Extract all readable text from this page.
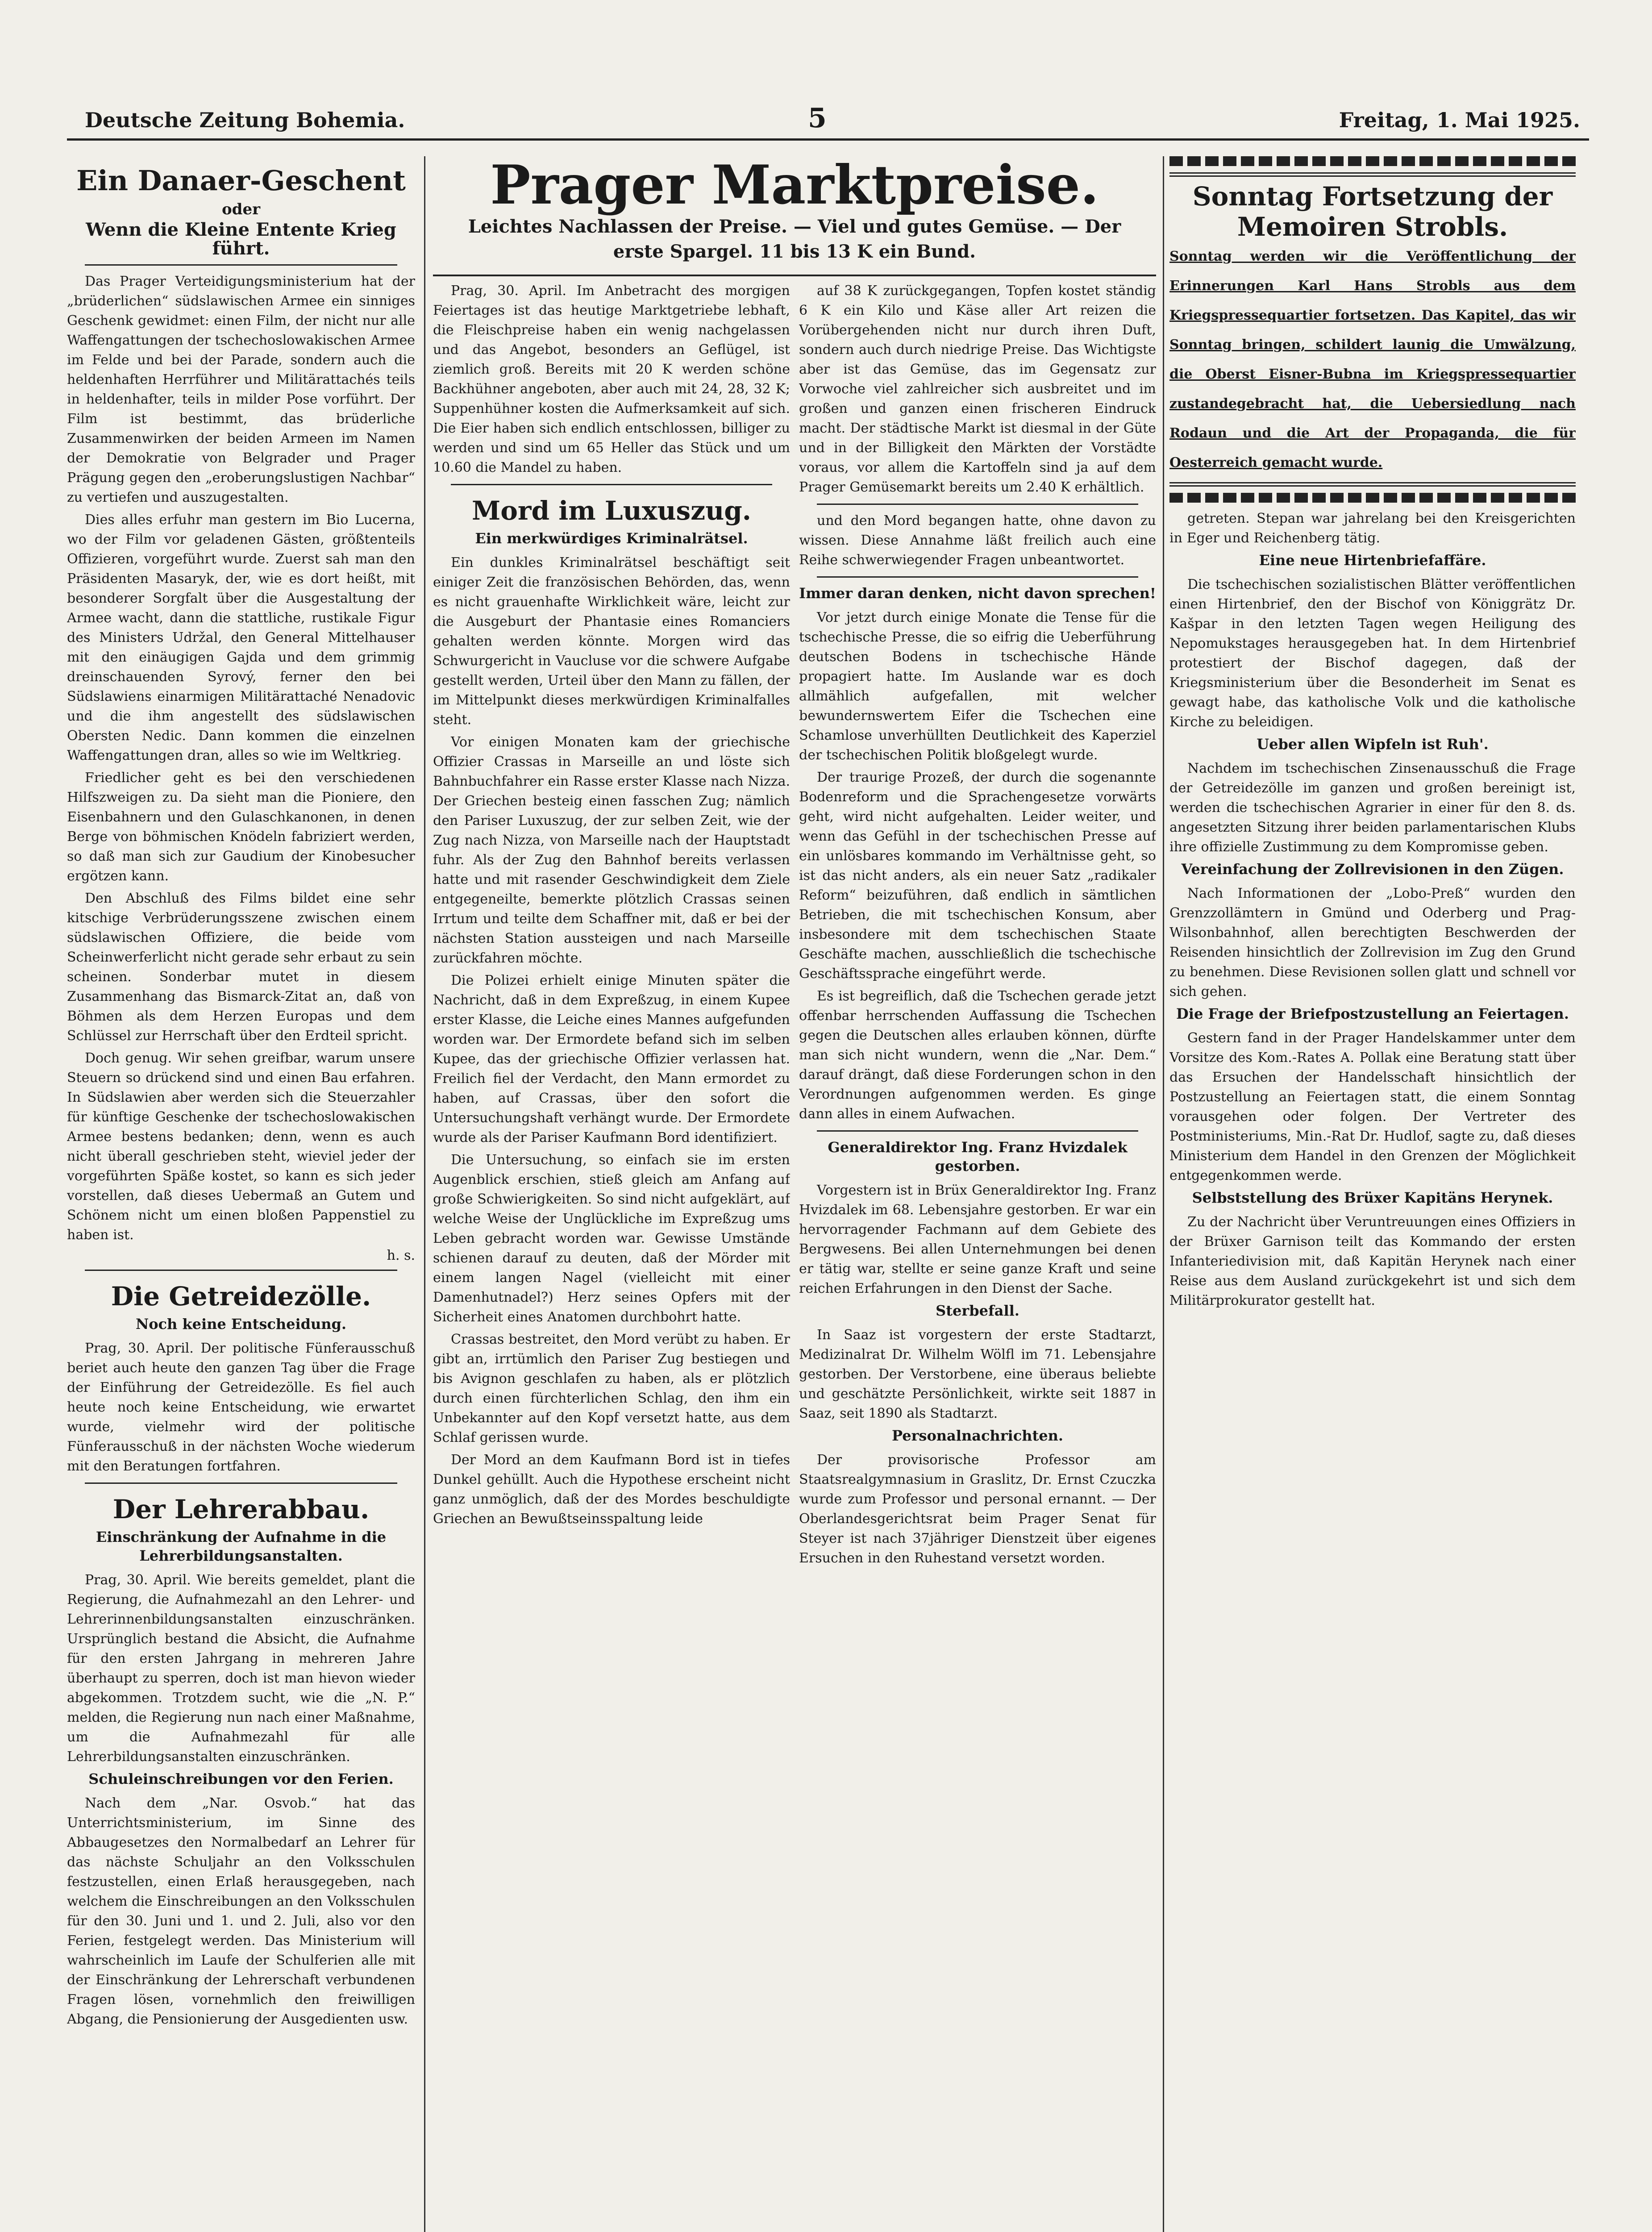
Deutsche Zeitung Bohemia.	5	Freitag, 1. Mai 1925.
Ein Danaer-Geschent
oder
Wenn die Kleine Entente Krieg führt.

Das Prager Verteidigungsministerium hat der „brüderlichen“ südslawischen Armee ein sinniges Geschenk gewidmet: einen Film, der nicht nur alle Waffengattungen der tschechoslowakischen Armee im Felde und bei der Parade, sondern auch die heldenhaften Herrführer und Militärattachés teils in heldenhafter, teils in milder Pose vorführt. Der Film ist bestimmt, das brüderliche Zusammenwirken der beiden Armeen im Namen der Demokratie von Belgrader und Prager Prägung gegen den „eroberungslustigen Nachbar“ zu vertiefen und auszugestalten.

Dies alles erfuhr man gestern im Bio Lucerna, wo der Film vor geladenen Gästen, größtenteils Offizieren, vorgeführt wurde. Zuerst sah man den Präsidenten Masaryk, der, wie es dort heißt, mit besonderer Sorgfalt über die Ausgestaltung der Armee wacht, dann die stattliche, rustikale Figur des Ministers Udržal, den General Mittelhauser mit den einäugigen Gajda und dem grimmig dreinschauenden Syrový, ferner den bei Südslawiens einarmigen Militärattaché Nenadovic und die ihm angestellt des südslawischen Obersten Nedic. Dann kommen die einzelnen Waffengattungen dran, alles so wie im Weltkrieg.

Friedlicher geht es bei den verschiedenen Hilfszweigen zu. Da sieht man die Pioniere, den Eisenbahnern und den Gulaschkanonen, in denen Berge von böhmischen Knödeln fabriziert werden, so daß man sich zur Gaudium der Kinobesucher ergötzen kann.

Den Abschluß des Films bildet eine sehr kitschige Verbrüderungsszene zwischen einem südslawischen Offiziere, die beide vom Scheinwerferlicht nicht gerade sehr erbaut zu sein scheinen. Sonderbar mutet in diesem Zusammenhang das Bismarck-Zitat an, daß von Böhmen als dem Herzen Europas und dem Schlüssel zur Herrschaft über den Erdteil spricht.

Doch genug. Wir sehen greifbar, warum unsere Steuern so drückend sind und einen Bau erfahren. In Südslawien aber werden sich die Steuerzahler für künftige Geschenke der tschechoslowakischen Armee bestens bedanken; denn, wenn es auch nicht überall geschrieben steht, wieviel jeder der vorgeführten Späße kostet, so kann es sich jeder vorstellen, daß dieses Uebermaß an Gutem und Schönem nicht um einen bloßen Pappenstiel zu haben ist.

h. s.
Die Getreidezölle.
Noch keine Entscheidung.

Prag, 30. April. Der politische Fünferausschuß beriet auch heute den ganzen Tag über die Frage der Einführung der Getreidezölle. Es fiel auch heute noch keine Entscheidung, wie erwartet wurde, vielmehr wird der politische Fünferausschuß in der nächsten Woche wiederum mit den Beratungen fortfahren.

Der Lehrerabbau.
Einschränkung der Aufnahme in die Lehrerbildungsanstalten.

Prag, 30. April. Wie bereits gemeldet, plant die Regierung, die Aufnahmezahl an den Lehrer- und Lehrerinnenbildungsanstalten einzuschränken. Ursprünglich bestand die Absicht, die Aufnahme für den ersten Jahrgang in mehreren Jahre überhaupt zu sperren, doch ist man hievon wieder abgekommen. Trotzdem sucht, wie die „N. P.“ melden, die Regierung nun nach einer Maßnahme, um die Aufnahmezahl für alle Lehrerbildungsanstalten einzuschränken.

Schuleinschreibungen vor den Ferien.

Nach dem „Nar. Osvob.“ hat das Unterrichtsministerium, im Sinne des Abbaugesetzes den Normalbedarf an Lehrer für das nächste Schuljahr an den Volksschulen festzustellen, einen Erlaß herausgegeben, nach welchem die Einschreibungen an den Volksschulen für den 30. Juni und 1. und 2. Juli, also vor den Ferien, festgelegt werden. Das Ministerium will wahrscheinlich im Laufe der Schulferien alle mit der Einschränkung der Lehrerschaft verbundenen Fragen lösen, vornehmlich den freiwilligen Abgang, die Pensionierung der Ausgedienten usw.

Prager Marktpreise.
Leichtes Nachlassen der Preise. — Viel und gutes Gemüse. — Der erste Spargel. 11 bis 13 K ein Bund.

Prag, 30. April. Im Anbetracht des morgigen Feiertages ist das heutige Marktgetriebe lebhaft, die Fleischpreise haben ein wenig nachgelassen und das Angebot, besonders an Geflügel, ist ziemlich groß. Bereits mit 20 K werden schöne Backhühner angeboten, aber auch mit 24, 28, 32 K; Suppenhühner kosten die Aufmerksamkeit auf sich. Die Eier haben sich endlich entschlossen, billiger zu werden und sind um 65 Heller das Stück und um 10.60 die Mandel zu haben.

Mord im Luxuszug.
Ein merkwürdiges Kriminalrätsel.

Ein dunkles Kriminalrätsel beschäftigt seit einiger Zeit die französischen Behörden, das, wenn es nicht grauenhafte Wirklichkeit wäre, leicht zur die Ausgeburt der Phantasie eines Romanciers gehalten werden könnte. Morgen wird das Schwurgericht in Vaucluse vor die schwere Aufgabe gestellt werden, Urteil über den Mann zu fällen, der im Mittelpunkt dieses merkwürdigen Kriminalfalles steht.

Vor einigen Monaten kam der griechische Offizier Crassas in Marseille an und löste sich Bahnbuchfahrer ein Rasse erster Klasse nach Nizza. Der Griechen besteig einen fasschen Zug; nämlich den Pariser Luxuszug, der zur selben Zeit, wie der Zug nach Nizza, von Marseille nach der Hauptstadt fuhr. Als der Zug den Bahnhof bereits verlassen hatte und mit rasender Geschwindigkeit dem Ziele entgegeneilte, bemerkte plötzlich Crassas seinen Irrtum und teilte dem Schaffner mit, daß er bei der nächsten Station aussteigen und nach Marseille zurückfahren möchte.

Die Polizei erhielt einige Minuten später die Nachricht, daß in dem Expreßzug, in einem Kupee erster Klasse, die Leiche eines Mannes aufgefunden worden war. Der Ermordete befand sich im selben Kupee, das der griechische Offizier verlassen hat. Freilich fiel der Verdacht, den Mann ermordet zu haben, auf Crassas, über den sofort die Untersuchungshaft verhängt wurde. Der Ermordete wurde als der Pariser Kaufmann Bord identifiziert.

Die Untersuchung, so einfach sie im ersten Augenblick erschien, stieß gleich am Anfang auf große Schwierigkeiten. So sind nicht aufgeklärt, auf welche Weise der Unglückliche im Expreßzug ums Leben gebracht worden war. Gewisse Umstände schienen darauf zu deuten, daß der Mörder mit einem langen Nagel (vielleicht mit einer Damenhutnadel?) Herz seines Opfers mit der Sicherheit eines Anatomen durchbohrt hatte.

Crassas bestreitet, den Mord verübt zu haben. Er gibt an, irrtümlich den Pariser Zug bestiegen und bis Avignon geschlafen zu haben, als er plötzlich durch einen fürchterlichen Schlag, den ihm ein Unbekannter auf den Kopf versetzt hatte, aus dem Schlaf gerissen wurde.

Der Mord an dem Kaufmann Bord ist in tiefes Dunkel gehüllt. Auch die Hypothese erscheint nicht ganz unmöglich, daß der des Mordes beschuldigte Griechen an Bewußtseinsspaltung leide

auf 38 K zurückgegangen, Topfen kostet ständig 6 K ein Kilo und Käse aller Art reizen die Vorübergehenden nicht nur durch ihren Duft, sondern auch durch niedrige Preise. Das Wichtigste aber ist das Gemüse, das im Gegensatz zur Vorwoche viel zahlreicher sich ausbreitet und im großen und ganzen einen frischeren Eindruck macht. Der städtische Markt ist diesmal in der Güte und in der Billigkeit den Märkten der Vorstädte voraus, vor allem die Kartoffeln sind ja auf dem Prager Gemüsemarkt bereits um 2.40 K erhältlich.

und den Mord begangen hatte, ohne davon zu wissen. Diese Annahme läßt freilich auch eine Reihe schwerwiegender Fragen unbeantwortet.

Immer daran denken, nicht davon sprechen!

Vor jetzt durch einige Monate die Tense für die tschechische Presse, die so eifrig die Ueberführung deutschen Bodens in tschechische Hände propagiert hatte. Im Auslande war es doch allmählich aufgefallen, mit welcher bewundernswertem Eifer die Tschechen eine Schamlose unverhüllten Deutlichkeit des Kaperziel der tschechischen Politik bloßgelegt wurde.

Der traurige Prozeß, der durch die sogenannte Bodenreform und die Sprachengesetze vorwärts geht, wird nicht aufgehalten. Leider weiter, und wenn das Gefühl in der tschechischen Presse auf ein unlösbares kommando im Verhältnisse geht, so ist das nicht anders, als ein neuer Satz „radikaler Reform“ beizuführen, daß endlich in sämtlichen Betrieben, die mit tschechischen Konsum, aber insbesondere mit dem tschechischen Staate Geschäfte machen, ausschließlich die tschechische Geschäftssprache eingeführt werde.

Es ist begreiflich, daß die Tschechen gerade jetzt offenbar herrschenden Auffassung die Tschechen gegen die Deutschen alles erlauben können, dürfte man sich nicht wundern, wenn die „Nar. Dem.“ darauf drängt, daß diese Forderungen schon in den Verordnungen aufgenommen werden. Es ginge dann alles in einem Aufwachen.

Generaldirektor Ing. Franz Hvizdalek gestorben.

Vorgestern ist in Brüx Generaldirektor Ing. Franz Hvizdalek im 68. Lebensjahre gestorben. Er war ein hervorragender Fachmann auf dem Gebiete des Bergwesens. Bei allen Unternehmungen bei denen er tätig war, stellte er seine ganze Kraft und seine reichen Erfahrungen in den Dienst der Sache.

Sterbefall.

In Saaz ist vorgestern der erste Stadtarzt, Medizinalrat Dr. Wilhelm Wölfl im 71. Lebensjahre gestorben. Der Verstorbene, eine überaus beliebte und geschätzte Persönlichkeit, wirkte seit 1887 in Saaz, seit 1890 als Stadtarzt.

Personalnachrichten.

Der provisorische Professor am Staatsrealgymnasium in Graslitz, Dr. Ernst Czuczka wurde zum Professor und personal ernannt. — Der Oberlandesgerichtsrat beim Prager Senat für Steyer ist nach 37jähriger Dienstzeit über eigenes Ersuchen in den Ruhestand versetzt worden.

Sonntag Fortsetzung der Memoiren Strobls.
Sonntag werden wir die Veröffentlichung der Erinnerungen Karl Hans Strobls aus dem Kriegspressequartier fortsetzen. Das Kapitel, das wir Sonntag bringen, schildert launig die Umwälzung, die Oberst Eisner-Bubna im Kriegspressequartier zustandegebracht hat, die Uebersiedlung nach Rodaun und die Art der Propaganda, die für Oesterreich gemacht wurde.

getreten. Stepan war jahrelang bei den Kreisgerichten in Eger und Reichenberg tätig.

Eine neue Hirtenbriefaffäre.

Die tschechischen sozialistischen Blätter veröffentlichen einen Hirtenbrief, den der Bischof von Königgrätz Dr. Kašpar in den letzten Tagen wegen Heiligung des Nepomukstages herausgegeben hat. In dem Hirtenbrief protestiert der Bischof dagegen, daß der Kriegsministerium über die Besonderheit im Senat es gewagt habe, das katholische Volk und die katholische Kirche zu beleidigen.

Ueber allen Wipfeln ist Ruh'.

Nachdem im tschechischen Zinsenausschuß die Frage der Getreidezölle im ganzen und großen bereinigt ist, werden die tschechischen Agrarier in einer für den 8. ds. angesetzten Sitzung ihrer beiden parlamentarischen Klubs ihre offizielle Zustimmung zu dem Kompromisse geben.

Vereinfachung der Zollrevisionen in den Zügen.

Nach Informationen der „Lobo-Preß“ wurden den Grenzzollämtern in Gmünd und Oderberg und Prag-Wilsonbahnhof, allen berechtigten Beschwerden der Reisenden hinsichtlich der Zollrevision im Zug den Grund zu benehmen. Diese Revisionen sollen glatt und schnell vor sich gehen.

Die Frage der Briefpostzustellung an Feiertagen.

Gestern fand in der Prager Handelskammer unter dem Vorsitze des Kom.-Rates A. Pollak eine Beratung statt über das Ersuchen der Handelsschaft hinsichtlich der Postzustellung an Feiertagen statt, die einem Sonntag vorausgehen oder folgen. Der Vertreter des Postministeriums, Min.-Rat Dr. Hudlof, sagte zu, daß dieses Ministerium dem Handel in den Grenzen der Möglichkeit entgegenkommen werde.

Selbststellung des Brüxer Kapitäns Herynek.

Zu der Nachricht über Veruntreuungen eines Offiziers in der Brüxer Garnison teilt das Kommando der ersten Infanteriedivision mit, daß Kapitän Herynek nach einer Reise aus dem Ausland zurückgekehrt ist und sich dem Militärprokurator gestellt hat.
